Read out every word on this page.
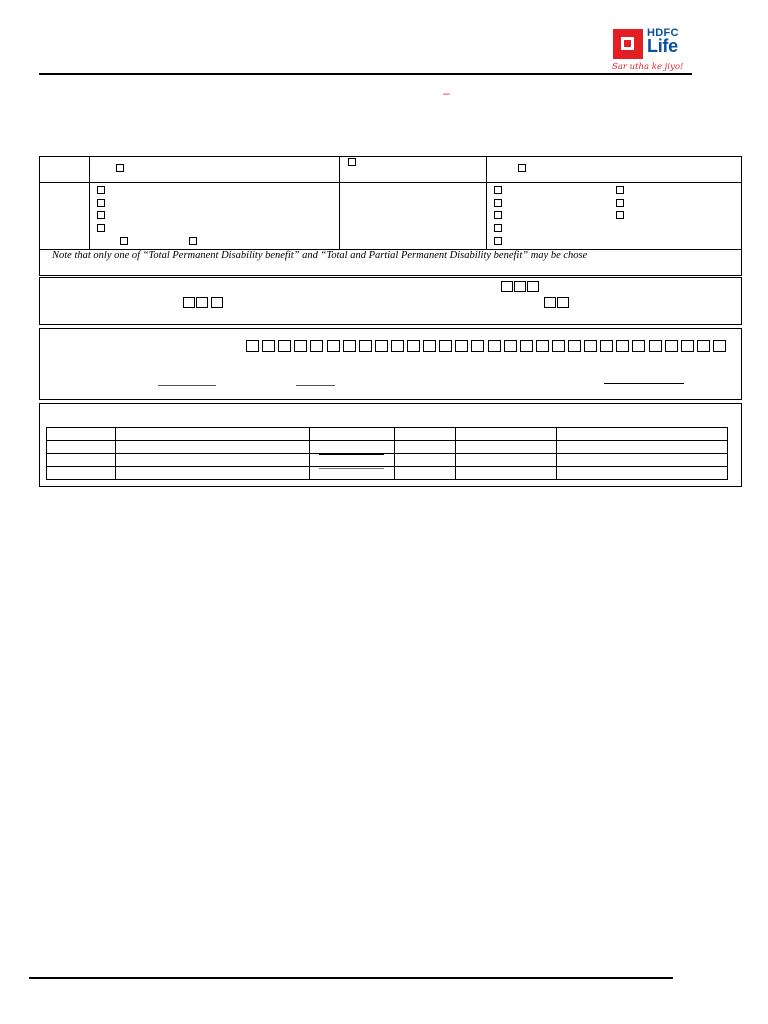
HDFC
Life
Sar utha ke jiyo!
–
Note that only one of “Total Permanent Disability benefit” and “Total and Partial Permanent Disability benefit” may be chose
